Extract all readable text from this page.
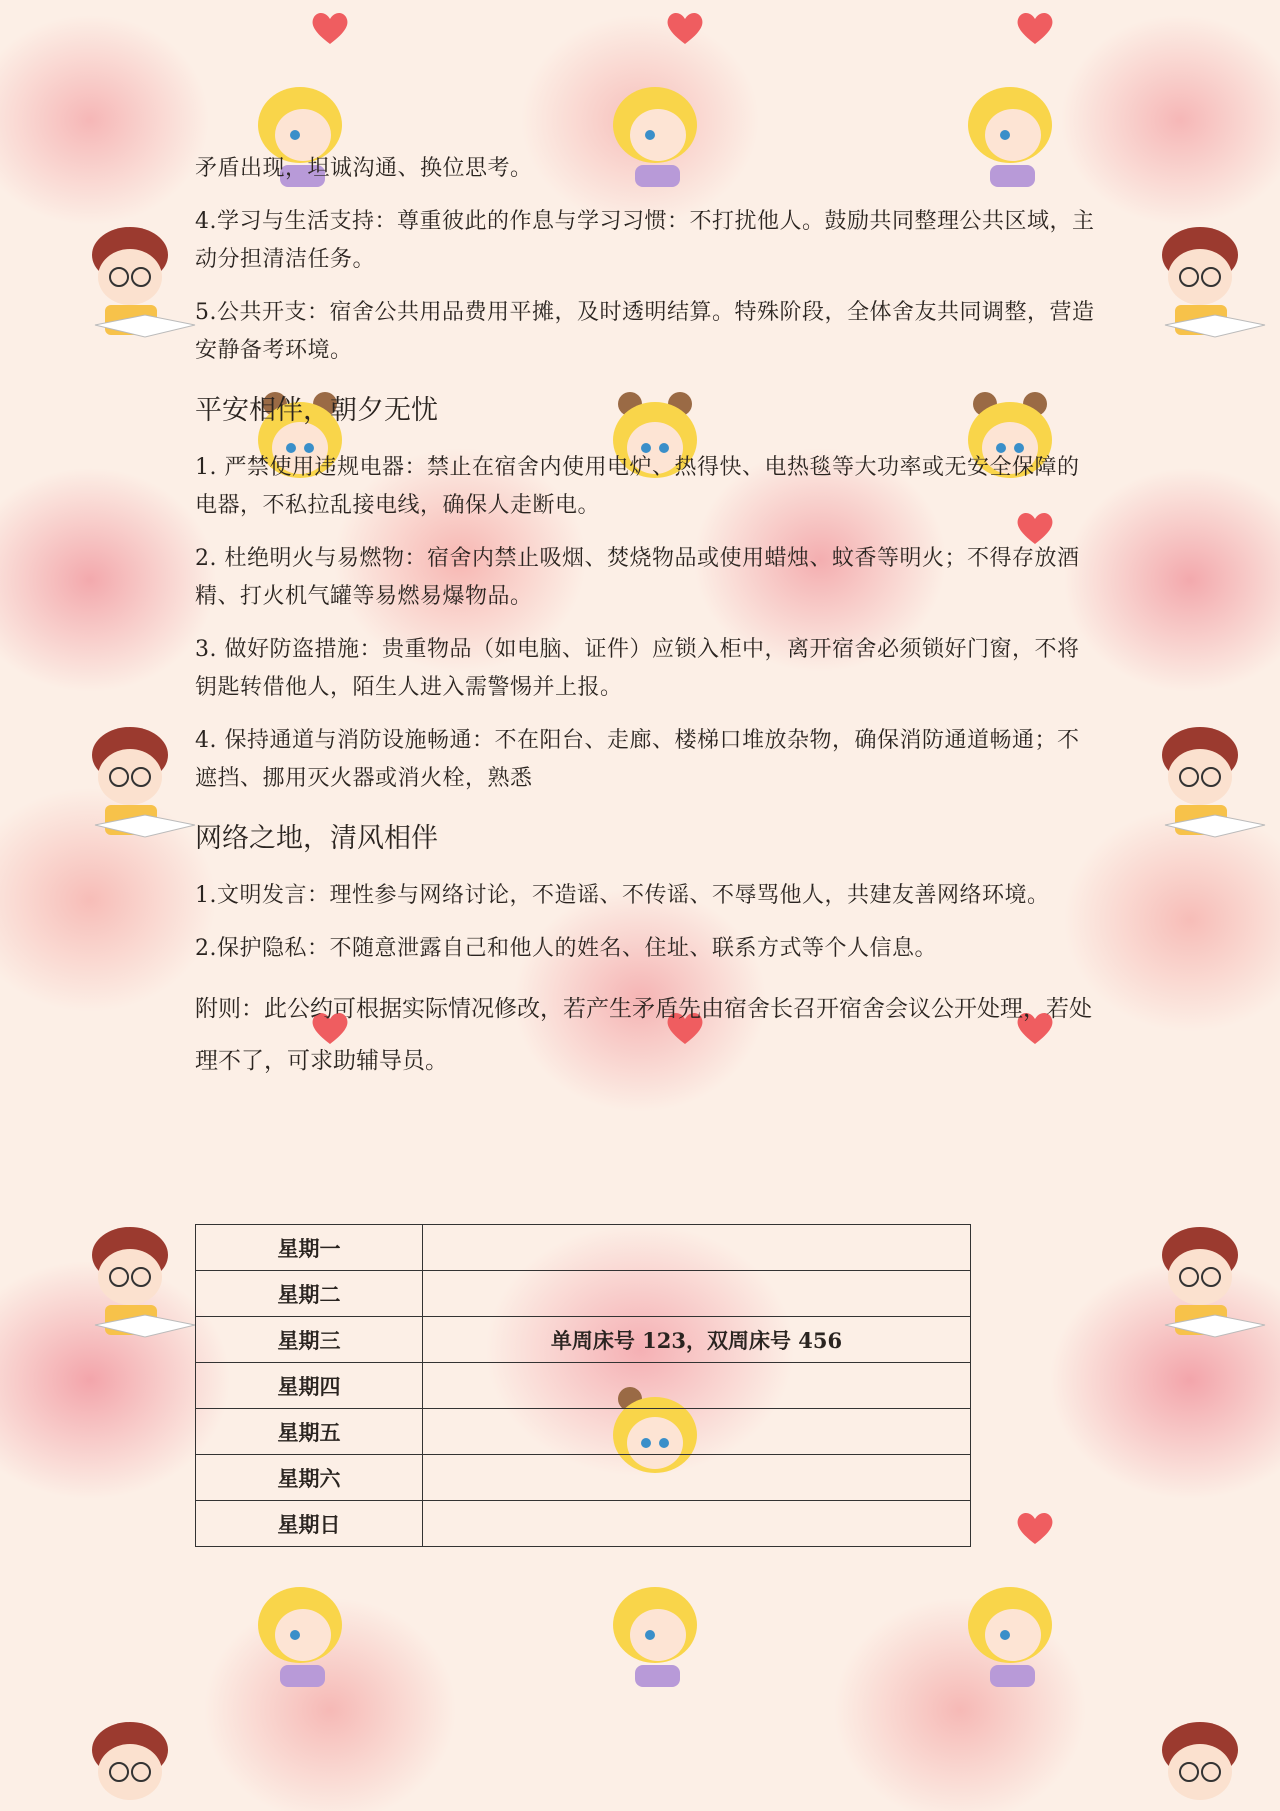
矛盾出现，坦诚沟通、换位思考。

4.学习与生活支持：尊重彼此的作息与学习习惯：不打扰他人。鼓励共同整理公共区域，主动分担清洁任务。

5.公共开支：宿舍公共用品费用平摊，及时透明结算。特殊阶段，全体舍友共同调整，营造安静备考环境。

平安相伴，朝夕无忧

1. 严禁使用违规电器：禁止在宿舍内使用电炉、热得快、电热毯等大功率或无安全保障的电器，不私拉乱接电线，确保人走断电。

2. 杜绝明火与易燃物：宿舍内禁止吸烟、焚烧物品或使用蜡烛、蚊香等明火；不得存放酒精、打火机气罐等易燃易爆物品。

3. 做好防盗措施：贵重物品（如电脑、证件）应锁入柜中，离开宿舍必须锁好门窗，不将钥匙转借他人，陌生人进入需警惕并上报。

4. 保持通道与消防设施畅通：不在阳台、走廊、楼梯口堆放杂物，确保消防通道畅通；不遮挡、挪用灭火器或消火栓，熟悉

网络之地，清风相伴

1.文明发言：理性参与网络讨论，不造谣、不传谣、不辱骂他人，共建友善网络环境。

2.保护隐私：不随意泄露自己和他人的姓名、住址、联系方式等个人信息。

附则：此公约可根据实际情况修改，若产生矛盾先由宿舍长召开宿舍会议公开处理，若处理不了，可求助辅导员。

星期一	
星期二	
星期三	单周床号 123，双周床号 456
星期四	
星期五	
星期六	
星期日	
